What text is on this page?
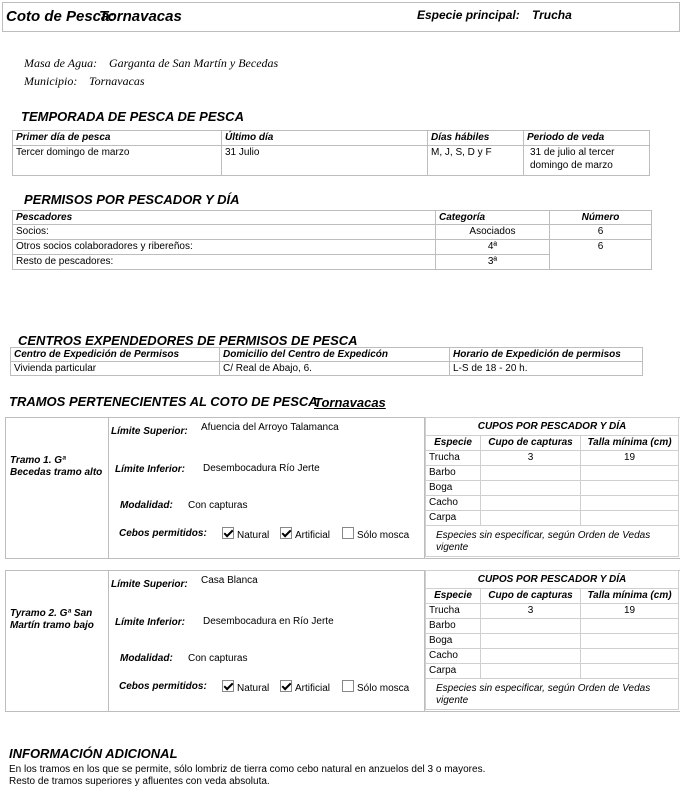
Coto de Pesca:
Tornavacas	Especie principal: Trucha
Masa de Agua: Garganta de San Martín y Becedas
Municipio: Tornavacas
TEMPORADA DE PESCA DE PESCA
Primer día de pesca	Último día	Días hábiles	Periodo de veda
Tercer domingo de marzo	31 Julio	M, J, S, D y F	31 de julio al tercer domingo de marzo
PERMISOS POR PESCADOR Y DÍA
Pescadores	Categoría	Número
Socios:	Asociados	6
Otros socios colaboradores y ribereños:	4ª	6
Resto de pescadores:	3ª	
CENTROS EXPENDEDORES DE PERMISOS DE PESCA
Centro de Expedición de Permisos	Domicilio del Centro de Expedicón	Horario de Expedición de permisos
Vivienda particular	C/ Real de Abajo, 6.	L-S de 18 - 20 h.
TRAMOS PERTENECIENTES AL COTO DE PESCA
Tornavacas
Tramo 1. Gª Becedas tramo alto
Límite Superior: Afuencia del Arroyo Talamanca
Límite Inferior: Desembocadura Río Jerte
Modalidad: Con capturas
Cebos permitidos:	Natural	Artificial	Sólo mosca
CUPOS POR PESCADOR Y DÍA		
Especie	Cupo de capturas	Talla mínima (cm)
Trucha	3	19
Barbo		
Boga		
Cacho		
Carpa		
Especies sin especificar, según Orden de Vedas vigente		
Tyramo 2. Gª San Martín tramo bajo
Límite Superior: Casa Blanca
Límite Inferior: Desembocadura en Río Jerte
Modalidad: Con capturas
Cebos permitidos:	Natural	Artificial	Sólo mosca
CUPOS POR PESCADOR Y DÍA		
Especie	Cupo de capturas	Talla mínima (cm)
Trucha	3	19
Barbo		
Boga		
Cacho		
Carpa		
Especies sin especificar, según Orden de Vedas vigente		
INFORMACIÓN ADICIONAL
En los tramos en los que se permite, sólo lombriz de tierra como cebo natural en anzuelos del 3 o mayores.
Resto de tramos superiores y afluentes con veda absoluta.
